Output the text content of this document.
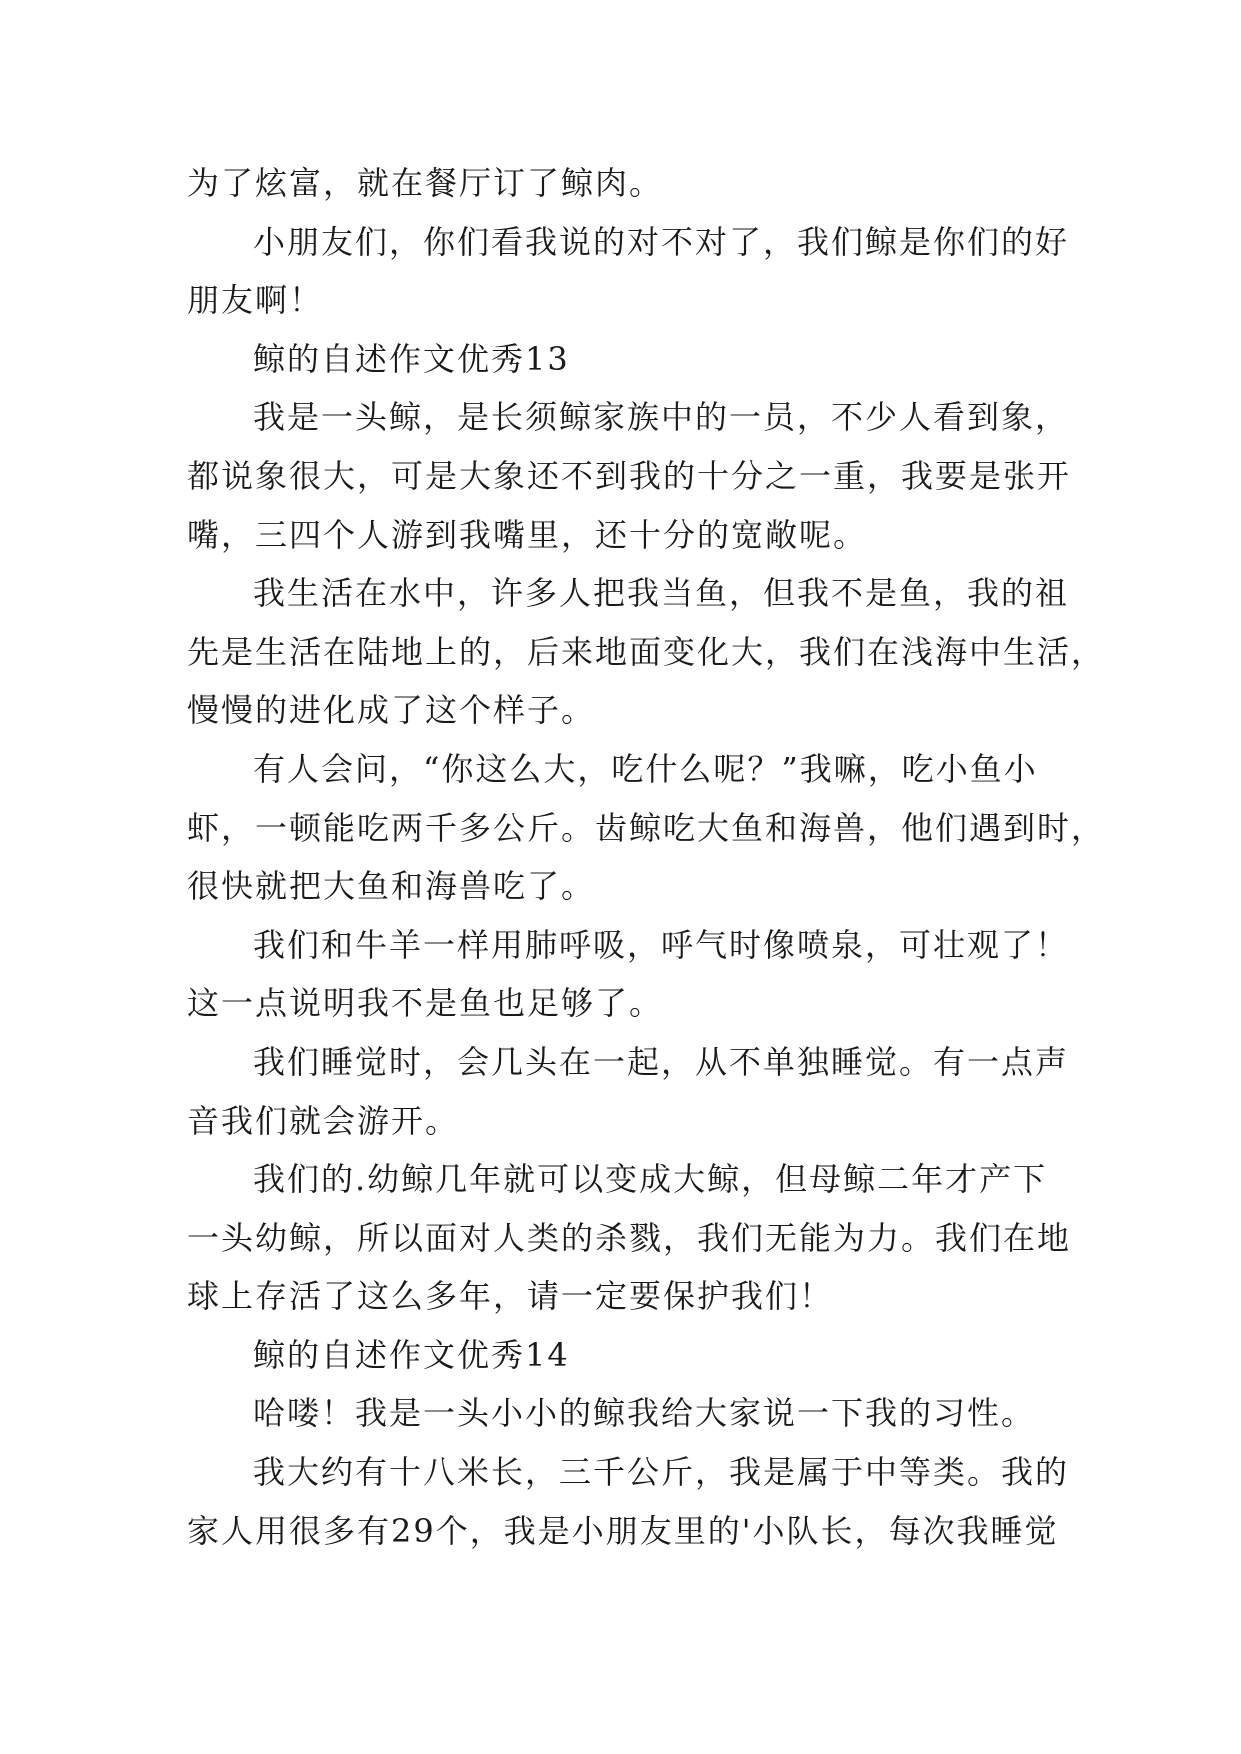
为了炫富，就在餐厅订了鲸肉。
小朋友们，你们看我说的对不对了，我们鲸是你们的好
朋友啊！
鲸的自述作文优秀13
我是一头鲸，是长须鲸家族中的一员，不少人看到象，
都说象很大，可是大象还不到我的十分之一重，我要是张开
嘴，三四个人游到我嘴里，还十分的宽敞呢。
我生活在水中，许多人把我当鱼，但我不是鱼，我的祖
先是生活在陆地上的，后来地面变化大，我们在浅海中生活，
慢慢的进化成了这个样子。
有人会问，“你这么大，吃什么呢？”我嘛，吃小鱼小
虾，一顿能吃两千多公斤。齿鲸吃大鱼和海兽，他们遇到时，
很快就把大鱼和海兽吃了。
我们和牛羊一样用肺呼吸，呼气时像喷泉，可壮观了！
这一点说明我不是鱼也足够了。
我们睡觉时，会几头在一起，从不单独睡觉。有一点声
音我们就会游开。
我们的.幼鲸几年就可以变成大鲸，但母鲸二年才产下
一头幼鲸，所以面对人类的杀戮，我们无能为力。我们在地
球上存活了这么多年，请一定要保护我们！
鲸的自述作文优秀14
哈喽！我是一头小小的鲸我给大家说一下我的习性。
我大约有十八米长，三千公斤，我是属于中等类。我的
家人用很多有29个，我是小朋友里的'小队长，每次我睡觉
